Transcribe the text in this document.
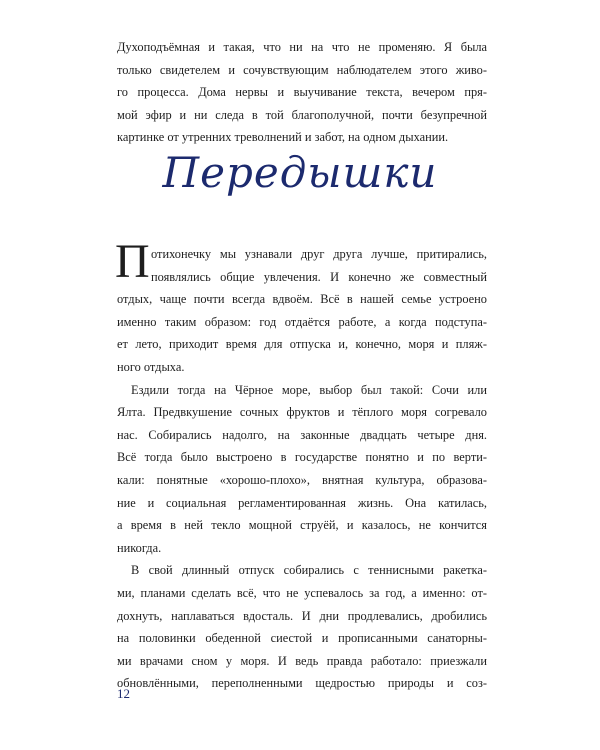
Духоподъёмная и такая, что ни на что не променяю. Я была
только свидетелем и сочувствующим наблюдателем этого живо-
го процесса. Дома нервы и выучивание текста, вечером пря-
мой эфир и ни следа в той благополучной, почти безупречной
картинке от утренних треволнений и забот, на одном дыхании.
Передышки
П отихонечку мы узнавали друг друга лучше, притирались,
появлялись общие увлечения. И конечно же совместный
отдых, чаще почти всегда вдвоём. Всё в нашей семье устроено
именно таким образом: год отдаётся работе, а когда подступа-
ет лето, приходит время для отпуска и, конечно, моря и пляж-
ного отдыха.
Ездили тогда на Чёрное море, выбор был такой: Сочи или
Ялта. Предвкушение сочных фруктов и тёплого моря согревало
нас. Собирались надолго, на законные двадцать четыре дня.
Всё тогда было выстроено в государстве понятно и по верти-
кали: понятные «хорошо-плохо», внятная культура, образова-
ние и социальная регламентированная жизнь. Она катилась,
а время в ней текло мощной струёй, и казалось, не кончится
никогда.
В свой длинный отпуск собирались с теннисными ракетка-
ми, планами сделать всё, что не успевалось за год, а именно: от-
дохнуть, наплаваться вдосталь. И дни продлевались, дробились
на половинки обеденной сиестой и прописанными санаторны-
ми врачами сном у моря. И ведь правда работало: приезжали
обновлёнными, переполненными щедростью природы и соз-
12
